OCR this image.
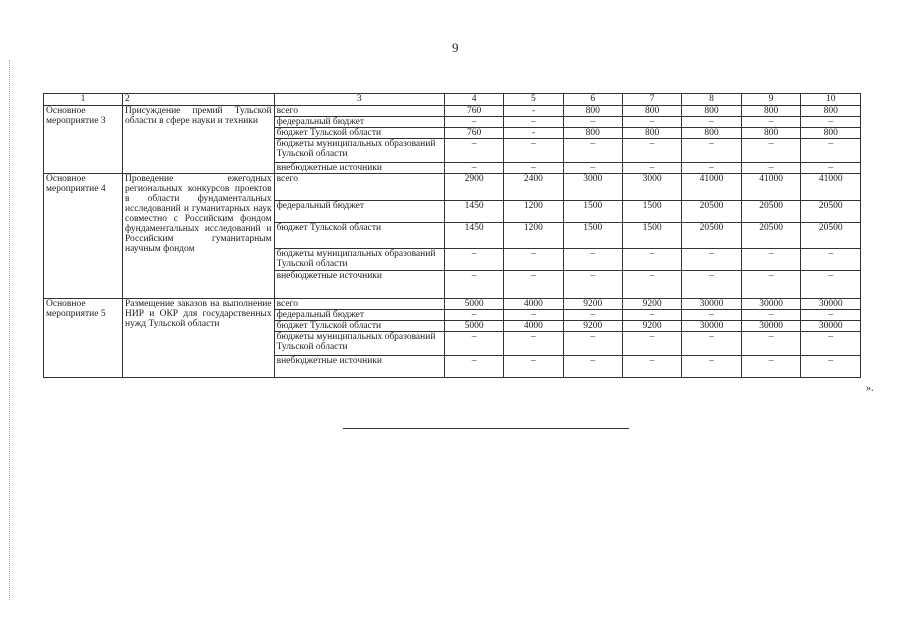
9
1	2	3	4	5	6	7	8	9	10
Основное мероприятие 3	Присуждение премий Тульской области в сфере науки и техники	всего	760	-	800	800	800	800	800
		федеральный бюджет	–	–	–	–	–	–	–
		бюджет Тульской области	760	-	800	800	800	800	800
		бюджеты муниципальных образований Тульской области	–	–	–	–	–	–	–
		внебюджетные источники	–	–	–	–	–	–	–
Основное мероприятие 4	Проведение ежегодных региональных конкурсов проектов в области фундаментальных исследований и гуманитарных наук совместно с Российским фондом фундаментальных исследований и Российским гуманитарным научным фондом	всего	2900	2400	3000	3000	41000	41000	41000
		федеральный бюджет	1450	1200	1500	1500	20500	20500	20500
		бюджет Тульской области	1450	1200	1500	1500	20500	20500	20500
		бюджеты муниципальных образований Тульской области	–	–	–	–	–	–	–
		внебюджетные источники	–	–	–	–	–	–	–
Основное мероприятие 5	Размещение заказов на выполнение НИР и ОКР для государственных нужд Тульской области	всего	5000	4000	9200	9200	30000	30000	30000
		федеральный бюджет	–	–	–	–	–	–	–
		бюджет Тульской области	5000	4000	9200	9200	30000	30000	30000
		бюджеты муниципальных образований Тульской области	–	–	–	–	–	–	–
		внебюджетные источники	–	–	–	–	–	–	–
».
